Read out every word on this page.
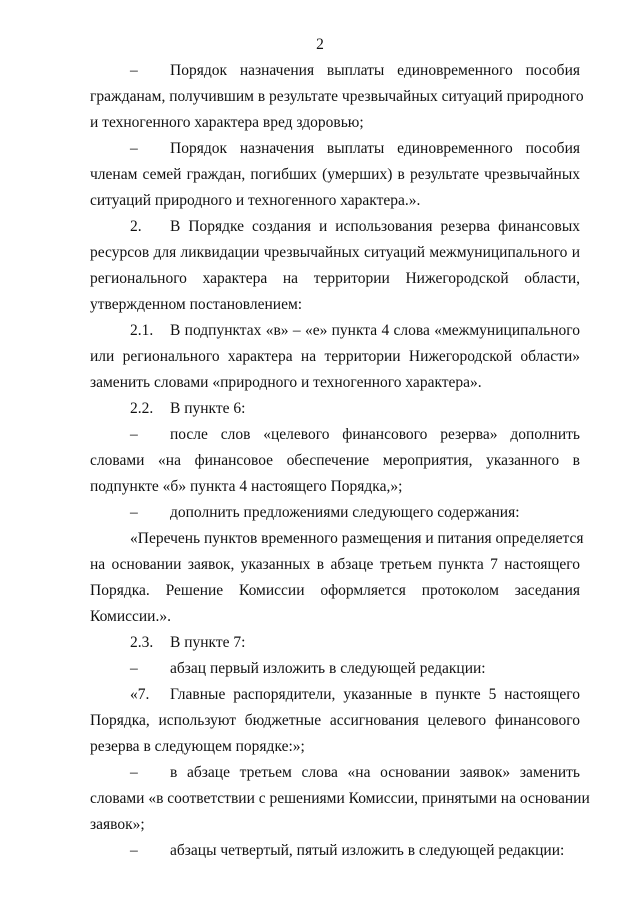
2
– Порядок назначения выплаты единовременного пособия
гражданам, получившим в результате чрезвычайных ситуаций природного
и техногенного характера вред здоровью;
– Порядок назначения выплаты единовременного пособия
членам семей граждан, погибших (умерших) в результате чрезвычайных
ситуаций природного и техногенного характера.».
2. В Порядке создания и использования резерва финансовых
ресурсов для ликвидации чрезвычайных ситуаций межмуниципального и
регионального характера на территории Нижегородской области,
утвержденном постановлением:
2.1. В подпунктах «в» – «е» пункта 4 слова «межмуниципального
или регионального характера на территории Нижегородской области»
заменить словами «природного и техногенного характера».
2.2. В пункте 6:
– после слов «целевого финансового резерва» дополнить
словами «на финансовое обеспечение мероприятия, указанного в
подпункте «б» пункта 4 настоящего Порядка,»;
– дополнить предложениями следующего содержания:
«Перечень пунктов временного размещения и питания определяется
на основании заявок, указанных в абзаце третьем пункта 7 настоящего
Порядка. Решение Комиссии оформляется протоколом заседания
Комиссии.».
2.3. В пункте 7:
– абзац первый изложить в следующей редакции:
«7. Главные распорядители, указанные в пункте 5 настоящего
Порядка, используют бюджетные ассигнования целевого финансового
резерва в следующем порядке:»;
– в абзаце третьем слова «на основании заявок» заменить
словами «в соответствии с решениями Комиссии, принятыми на основании
заявок»;
– абзацы четвертый, пятый изложить в следующей редакции:
